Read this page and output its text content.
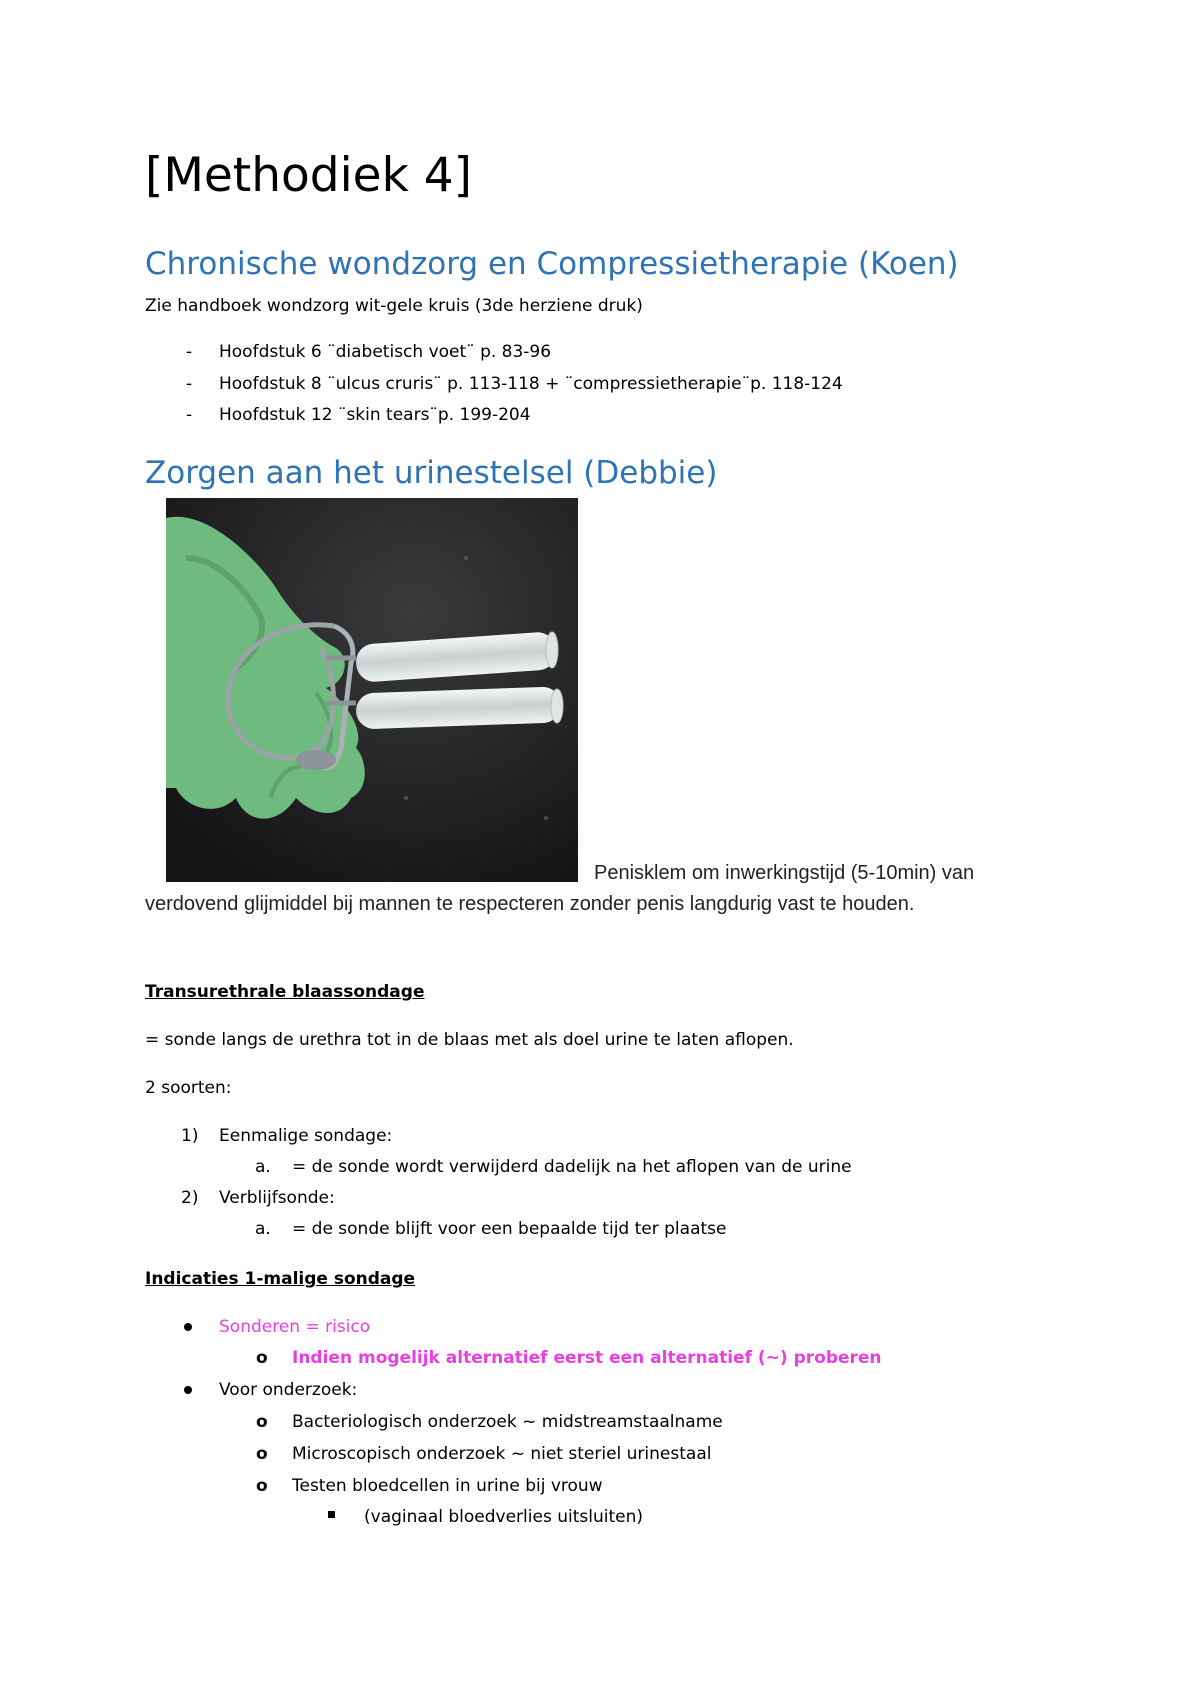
[Methodiek 4]
Chronische wondzorg en Compressietherapie (Koen)
Zie handboek wondzorg wit-gele kruis (3de herziene druk)
- Hoofdstuk 6 ¨diabetisch voet¨ p. 83-96
- Hoofdstuk 8 ¨ulcus cruris¨ p. 113-118 + ¨compressietherapie¨p. 118-124
- Hoofdstuk 12 ¨skin tears¨p. 199-204
Zorgen aan het urinestelsel (Debbie)
Penisklem om inwerkingstijd (5-10min) van
verdovend glijmiddel bij mannen te respecteren zonder penis langdurig vast te houden.
Transurethrale blaassondage
= sonde langs de urethra tot in de blaas met als doel urine te laten aflopen.
2 soorten:
1) Eenmalige sondage:
a. = de sonde wordt verwijderd dadelijk na het aflopen van de urine
2) Verblijfsonde:
a. = de sonde blijft voor een bepaalde tijd ter plaatse
Indicaties 1-malige sondage
Sonderen = risico
o Indien mogelijk alternatief eerst een alternatief (~) proberen
Voor onderzoek:
o Bacteriologisch onderzoek ~ midstreamstaalname
o Microscopisch onderzoek ~ niet steriel urinestaal
o Testen bloedcellen in urine bij vrouw
(vaginaal bloedverlies uitsluiten)
